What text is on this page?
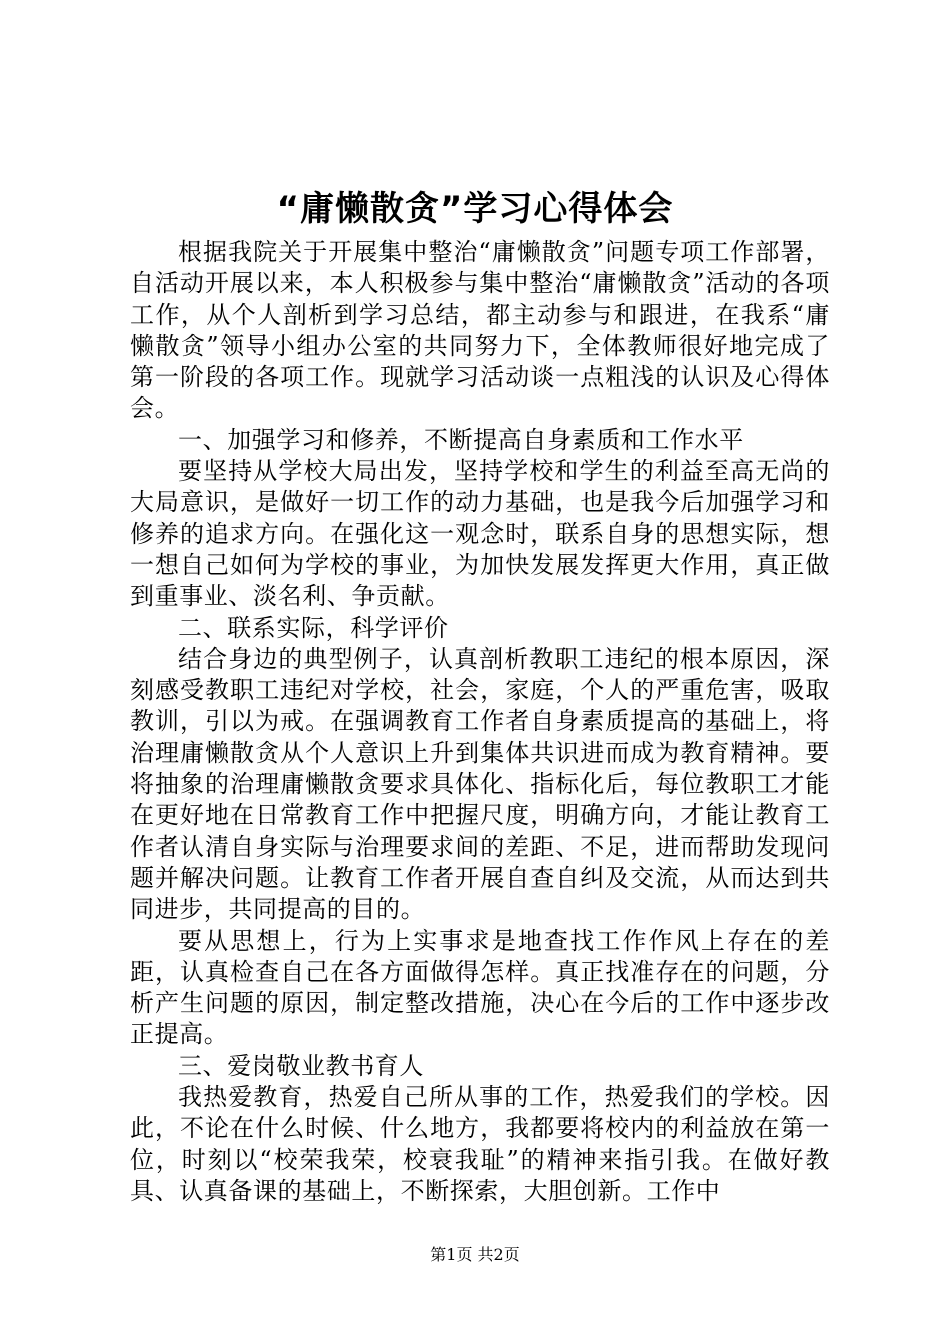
“庸懒散贪”学习心得体会

根据我院关于开展集中整治“庸懒散贪”问题专项工作部署，自活动开展以来，本人积极参与集中整治“庸懒散贪”活动的各项工作，从个人剖析到学习总结，都主动参与和跟进，在我系“庸懒散贪”领导小组办公室的共同努力下，全体教师很好地完成了第一阶段的各项工作。现就学习活动谈一点粗浅的认识及心得体会。

一、加强学习和修养，不断提高自身素质和工作水平

要坚持从学校大局出发，坚持学校和学生的利益至高无尚的大局意识，是做好一切工作的动力基础，也是我今后加强学习和修养的追求方向。在强化这一观念时，联系自身的思想实际，想一想自己如何为学校的事业，为加快发展发挥更大作用，真正做到重事业、淡名利、争贡献。

二、联系实际，科学评价

结合身边的典型例子，认真剖析教职工违纪的根本原因，深刻感受教职工违纪对学校，社会，家庭，个人的严重危害，吸取教训，引以为戒。在强调教育工作者自身素质提高的基础上，将治理庸懒散贪从个人意识上升到集体共识进而成为教育精神。要将抽象的治理庸懒散贪要求具体化、指标化后，每位教职工才能在更好地在日常教育工作中把握尺度，明确方向，才能让教育工作者认清自身实际与治理要求间的差距、不足，进而帮助发现问题并解决问题。让教育工作者开展自查自纠及交流，从而达到共同进步，共同提高的目的。

要从思想上，行为上实事求是地查找工作作风上存在的差距，认真检查自己在各方面做得怎样。真正找准存在的问题，分析产生问题的原因，制定整改措施，决心在今后的工作中逐步改正提高。

三、爱岗敬业教书育人

我热爱教育，热爱自己所从事的工作，热爱我们的学校。因此，不论在什么时候、什么地方，我都要将校内的利益放在第一位，时刻以“校荣我荣，校衰我耻”的精神来指引我。在做好教具、认真备课的基础上，不断探索，大胆创新。工作中

第1页 共2页
